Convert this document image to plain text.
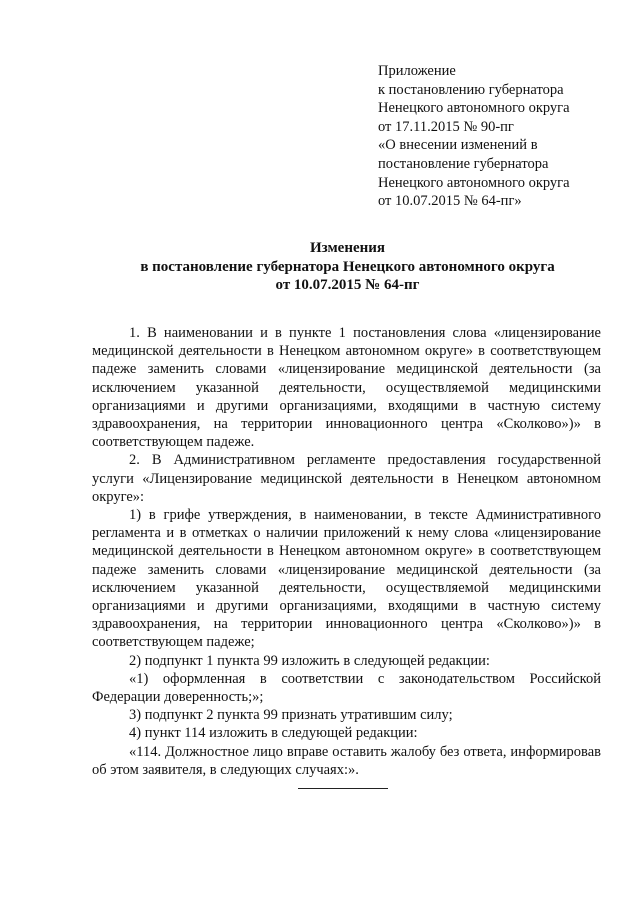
Приложение
к постановлению губернатора
Ненецкого автономного округа
от 17.11.2015 № 90-пг
«О внесении изменений в
постановление губернатора
Ненецкого автономного округа
от 10.07.2015 № 64-пг»
Изменения
в постановление губернатора Ненецкого автономного округа
от 10.07.2015 № 64-пг

1. В наименовании и в пункте 1 постановления слова «лицензирование медицинской деятельности в Ненецком автономном округе» в соответствующем падеже заменить словами «лицензирование медицинской деятельности (за исключением указанной деятельности, осуществляемой медицинскими организациями и другими организациями, входящими в частную систему здравоохранения, на территории инновационного центра «Сколково»)» в соответствующем падеже.

2. В Административном регламенте предоставления государственной услуги «Лицензирование медицинской деятельности в Ненецком автономном округе»:

1) в грифе утверждения, в наименовании, в тексте Административного регламента и в отметках о наличии приложений к нему слова «лицензирование медицинской деятельности в Ненецком автономном округе» в соответствующем падеже заменить словами «лицензирование медицинской деятельности (за исключением указанной деятельности, осуществляемой медицинскими организациями и другими организациями, входящими в частную систему здравоохранения, на территории инновационного центра «Сколково»)» в соответствующем падеже;

2) подпункт 1 пункта 99 изложить в следующей редакции:

«1) оформленная в соответствии с законодательством Российской Федерации доверенность;»;

3) подпункт 2 пункта 99 признать утратившим силу;

4) пункт 114 изложить в следующей редакции:

«114. Должностное лицо вправе оставить жалобу без ответа, информировав об этом заявителя, в следующих случаях:».
